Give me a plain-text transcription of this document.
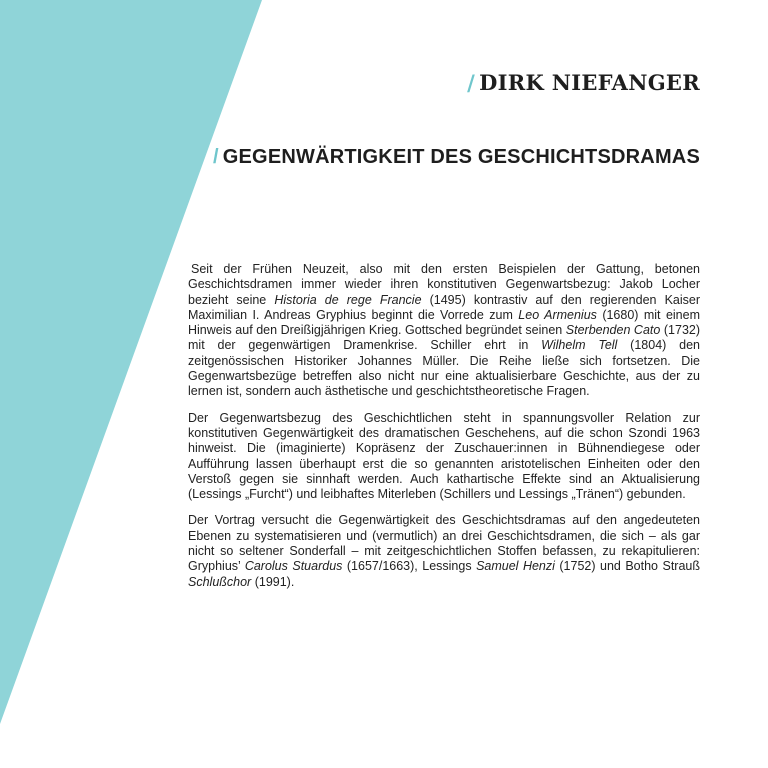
/ DIRK NIEFANGER
/ GEGENWÄRTIGKEIT DES GESCHICHTSDRAMAS

Seit der Frühen Neuzeit, also mit den ersten Beispielen der Gattung, betonen Geschichtsdramen immer wieder ihren konstitutiven Gegenwartsbezug: Jakob Locher bezieht seine Historia de rege Francie (1495) kontrastiv auf den regierenden Kaiser Maximilian I. Andreas Gryphius beginnt die Vorrede zum Leo Armenius (1680) mit einem Hinweis auf den Dreißigjährigen Krieg. Gottsched begründet seinen Sterbenden Cato (1732) mit der gegenwärtigen Dramenkrise. Schiller ehrt in Wilhelm Tell (1804) den zeitgenössischen Historiker Johannes Müller. Die Reihe ließe sich fortsetzen. Die Gegenwartsbezüge betreffen also nicht nur eine aktualisierbare Geschichte, aus der zu lernen ist, sondern auch ästhetische und geschichtstheoretische Fragen.

Der Gegenwartsbezug des Geschichtlichen steht in spannungsvoller Relation zur konstitutiven Gegenwärtigkeit des dramatischen Geschehens, auf die schon Szondi 1963 hinweist. Die (imaginierte) Kopräsenz der Zuschauer:innen in Bühnendiegese oder Aufführung lassen überhaupt erst die so genannten aristotelischen Einheiten oder den Verstoß gegen sie sinnhaft werden. Auch kathartische Effekte sind an Aktualisierung (Lessings „Furcht“) und leibhaftes Miterleben (Schillers und Lessings „Tränen“) gebunden.

Der Vortrag versucht die Gegenwärtigkeit des Geschichtsdramas auf den angedeuteten Ebenen zu systematisieren und (vermutlich) an drei Geschichtsdramen, die sich – als gar nicht so seltener Sonderfall – mit zeitgeschichtlichen Stoffen befassen, zu rekapitulieren: Gryphius’ Carolus Stuardus (1657/1663), Lessings Samuel Henzi (1752) und Botho Strauß Schlußchor (1991).
